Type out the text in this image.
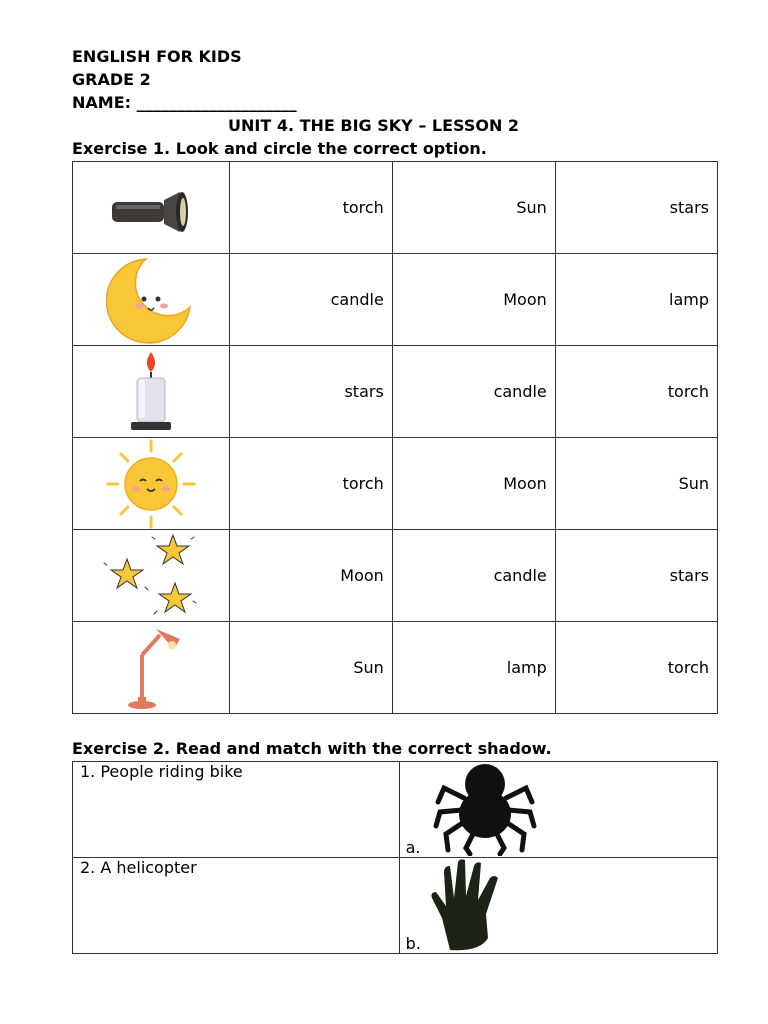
ENGLISH FOR KIDS
GRADE 2
NAME: ____________________
UNIT 4. THE BIG SKY – LESSON 2
Exercise 1. Look and circle the correct option.
	torch	Sun	stars

	candle	Moon	lamp

	stars	candle	torch

	torch	Moon	Sun

	Moon	candle	stars

	Sun	lamp	torch
Exercise 2. Read and match with the correct shadow.
1. People riding bike	a.

2. A helicopter	b.
